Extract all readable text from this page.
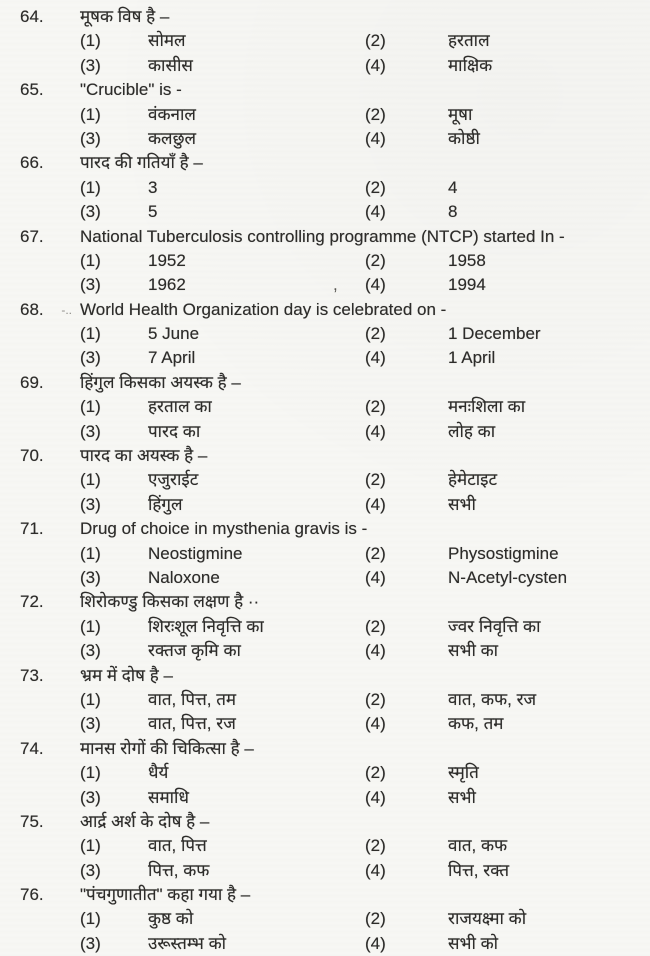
64. मूषक विष है –
(1)	सोमल	(2)	हरताल
(3)	कासीस	(4)	माक्षिक
65. "Crucible" is -
(1)	वंकनाल	(2)	मूषा
(3)	कलछुल	(4)	कोष्ठी
66. पारद की गतियाँ है –
(1)	3	(2)	4
(3)	5	(4)	8
67. National Tuberculosis controlling programme (NTCP) started In -
(1)	1952	(2)	1958
(3)	1962	, (4)	1994
68. -.. World Health Organization day is celebrated on -
(1)	5 June	(2)	1 December
(3)	7 April	(4)	1 April
69. हिंगुल किसका अयस्क है –
(1)	हरताल का	(2)	मनःशिला का
(3)	पारद का	(4)	लोह का
70. पारद का अयस्क है –
(1)	एजुराईट	(2)	हेमेटाइट
(3)	हिंगुल	(4)	सभी
71. Drug of choice in mysthenia gravis is -
(1)	Neostigmine	(2)	Physostigmine
(3)	Naloxone	(4)	N-Acetyl-cysten
72. शिरोकण्डु किसका लक्षण है ··
(1)	शिरःशूल निवृत्ति का	(2)	ज्वर निवृत्ति का
(3)	रक्तज कृमि का	(4)	सभी का
73. भ्रम में दोष है –
(1)	वात, पित्त, तम	(2)	वात, कफ, रज
(3)	वात, पित्त, रज	(4)	कफ, तम
74. मानस रोगों की चिकित्सा है –
(1)	धैर्य	(2)	स्मृति
(3)	समाधि	(4)	सभी
75. आर्द्र अर्श के दोष है –
(1)	वात, पित्त	(2)	वात, कफ
(3)	पित्त, कफ	(4)	पित्त, रक्त
76. "पंचगुणातीत" कहा गया है –
(1)	कुष्ठ को	(2)	राजयक्ष्मा को
(3)	उरूस्तम्भ को	(4)	सभी को
